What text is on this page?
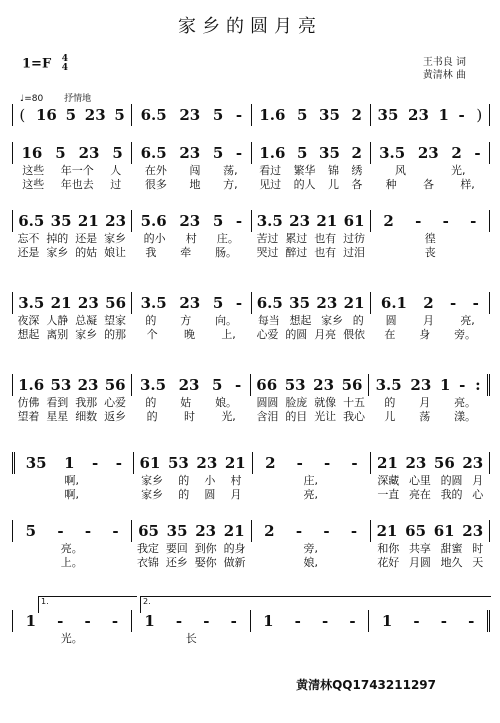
家乡的圆月亮
1=F 4
4	王书良 词
黄清林 曲
♩=80 抒情地
( 16 5 23 5 6.5 23 5 - 1.6 5 35 2 35 23 1 -
)
16 5 23 5 6.5 23 5 - 1.6 5 35 2 3.5 23 2 -
这些 年一个 人 在外 闯 荡, 看过 繁华 锦 绣	风	光,
这些 年也去 过 很多 地 方, 见过 的人 儿 各 种 各 样,
6.5 35 21 23 5.6 23 5 - 3.5 23 21 61 2 - - -
忘不 掉的 还是 家乡 的小 村 庄。 苦过 累过 也有 过彷	徨
还是 家乡 的姑 娘让 我 牵 肠。 哭过 醉过 也有 过泪	丧
3.5 21 23 56 3.5 23 5 - 6.5 35 23 21 6.1 2 - -
夜深 人静 总凝 望家 的 方 向。 每当 想起 家乡 的 圆 月 亮,
想起 离别 家乡 的那 个 晚 上, 心爱 的圆 月亮 偎依 在 身 旁。
1.6 53 23 56 3.5 23 5 - 66 53 23 56 3.5 23 1 -
:
仿佛 看到 我那 心爱 的 姑 娘。 圆圆 脸庞 就像 十五 的 月 亮。
望着 星星 细数 返乡 的 时 光, 含泪 的目 光让 我心 儿 荡 漾。
35 1 - - 61 53 23 21 2 - - - 21 23 56 23
啊,	家乡 的 小 村	庄,	深藏 心里 的圆 月
啊,	家乡 的 圆 月	亮,	一直 亮在 我的 心
5 - - - 65 35 23 21 2 - - - 21 65 61 23
亮。	我定 要回 到你 的身	旁,	和你 共享 甜蜜 时
上。	衣锦 还乡 娶你 做新	娘,	花好 月圆 地久 天
1 - - - 1 - - - 1 - - - 1 - - -
光。	长
1.	2.
黄清林QQ1743211297
